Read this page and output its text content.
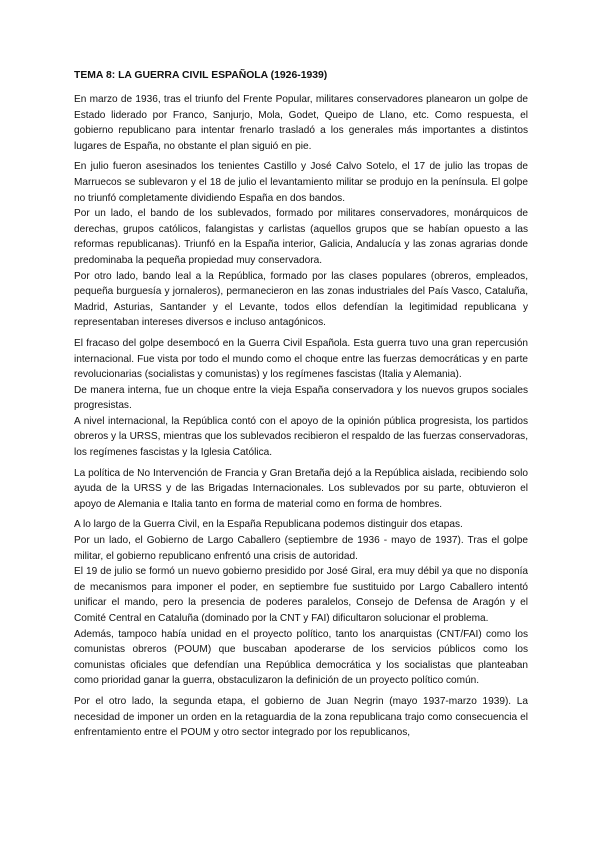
TEMA 8: LA GUERRA CIVIL ESPAÑOLA (1926-1939)

En marzo de 1936, tras el triunfo del Frente Popular, militares conservadores planearon un golpe de Estado liderado por Franco, Sanjurjo, Mola, Godet, Queipo de Llano, etc. Como respuesta, el gobierno republicano para intentar frenarlo trasladó a los generales más importantes a distintos lugares de España, no obstante el plan siguió en pie.

En julio fueron asesinados los tenientes Castillo y José Calvo Sotelo, el 17 de julio las tropas de Marruecos se sublevaron y el 18 de julio el levantamiento militar se produjo en la península. El golpe no triunfó completamente dividiendo España en dos bandos.

Por un lado, el bando de los sublevados, formado por militares conservadores, monárquicos de derechas, grupos católicos, falangistas y carlistas (aquellos grupos que se habían opuesto a las reformas republicanas). Triunfó en la España interior, Galicia, Andalucía y las zonas agrarias donde predominaba la pequeña propiedad muy conservadora.

Por otro lado, bando leal a la República, formado por las clases populares (obreros, empleados, pequeña burguesía y jornaleros), permanecieron en las zonas industriales del País Vasco, Cataluña, Madrid, Asturias, Santander y el Levante, todos ellos defendían la legitimidad republicana y representaban intereses diversos e incluso antagónicos.

El fracaso del golpe desembocó en la Guerra Civil Española. Esta guerra tuvo una gran repercusión internacional. Fue vista por todo el mundo como el choque entre las fuerzas democráticas y en parte revolucionarias (socialistas y comunistas) y los regímenes fascistas (Italia y Alemania).

De manera interna, fue un choque entre la vieja España conservadora y los nuevos grupos sociales progresistas.

A nivel internacional, la República contó con el apoyo de la opinión pública progresista, los partidos obreros y la URSS, mientras que los sublevados recibieron el respaldo de las fuerzas conservadoras, los regímenes fascistas y la Iglesia Católica.

La política de No Intervención de Francia y Gran Bretaña dejó a la República aislada, recibiendo solo ayuda de la URSS y de las Brigadas Internacionales. Los sublevados por su parte, obtuvieron el apoyo de Alemania e Italia tanto en forma de material como en forma de hombres.

A lo largo de la Guerra Civil, en la España Republicana podemos distinguir dos etapas.

Por un lado, el Gobierno de Largo Caballero (septiembre de 1936 - mayo de 1937). Tras el golpe militar, el gobierno republicano enfrentó una crisis de autoridad.

El 19 de julio se formó un nuevo gobierno presidido por José Giral, era muy débil ya que no disponía de mecanismos para imponer el poder, en septiembre fue sustituido por Largo Caballero intentó unificar el mando, pero la presencia de poderes paralelos, Consejo de Defensa de Aragón y el Comité Central en Cataluña (dominado por la CNT y FAI) dificultaron solucionar el problema.

Además, tampoco había unidad en el proyecto político, tanto los anarquistas (CNT/FAI) como los comunistas obreros (POUM) que buscaban apoderarse de los servicios públicos como los comunistas oficiales que defendían una República democrática y los socialistas que planteaban como prioridad ganar la guerra, obstaculizaron la definición de un proyecto político común.

Por el otro lado, la segunda etapa, el gobierno de Juan Negrin (mayo 1937-marzo 1939). La necesidad de imponer un orden en la retaguardia de la zona republicana trajo como consecuencia el enfrentamiento entre el POUM y otro sector integrado por los republicanos,
